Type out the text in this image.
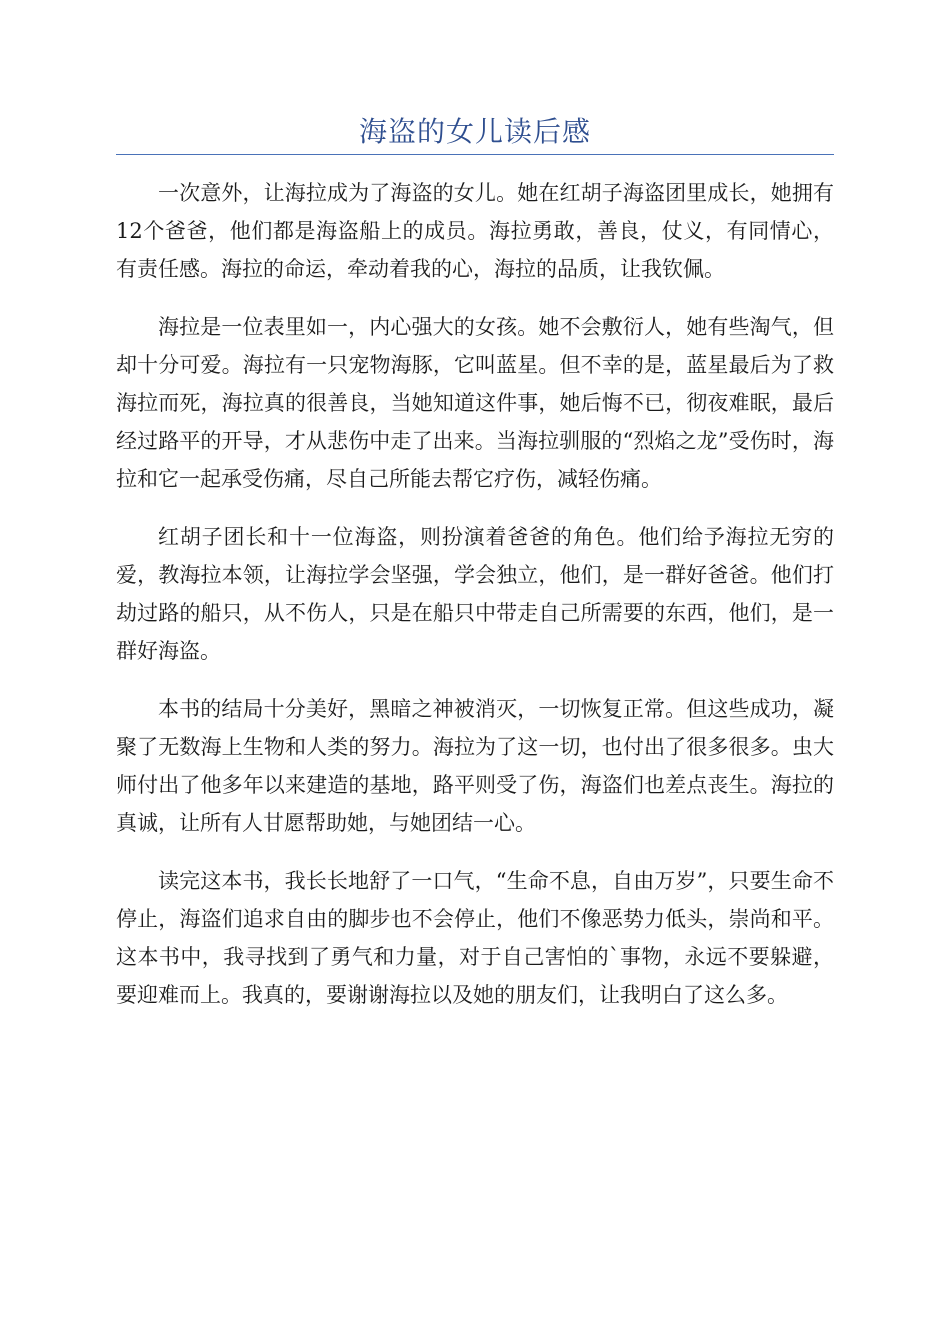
海盗的女儿读后感

一次意外，让海拉成为了海盗的女儿。她在红胡子海盗团里成长，她拥有12个爸爸，他们都是海盗船上的成员。海拉勇敢，善良，仗义，有同情心，有责任感。海拉的命运，牵动着我的心，海拉的品质，让我钦佩。

海拉是一位表里如一，内心强大的女孩。她不会敷衍人，她有些淘气，但却十分可爱。海拉有一只宠物海豚，它叫蓝星。但不幸的是，蓝星最后为了救海拉而死，海拉真的很善良，当她知道这件事，她后悔不已，彻夜难眠，最后经过路平的开导，才从悲伤中走了出来。当海拉驯服的“烈焰之龙”受伤时，海拉和它一起承受伤痛，尽自己所能去帮它疗伤，减轻伤痛。

红胡子团长和十一位海盗，则扮演着爸爸的角色。他们给予海拉无穷的爱，教海拉本领，让海拉学会坚强，学会独立，他们，是一群好爸爸。他们打劫过路的船只，从不伤人，只是在船只中带走自己所需要的东西，他们，是一群好海盗。

本书的结局十分美好，黑暗之神被消灭，一切恢复正常。但这些成功，凝聚了无数海上生物和人类的努力。海拉为了这一切，也付出了很多很多。虫大师付出了他多年以来建造的基地，路平则受了伤，海盗们也差点丧生。海拉的真诚，让所有人甘愿帮助她，与她团结一心。

读完这本书，我长长地舒了一口气，“生命不息，自由万岁”，只要生命不停止，海盗们追求自由的脚步也不会停止，他们不像恶势力低头，崇尚和平。这本书中，我寻找到了勇气和力量，对于自己害怕的`事物，永远不要躲避，要迎难而上。我真的，要谢谢海拉以及她的朋友们，让我明白了这么多。
